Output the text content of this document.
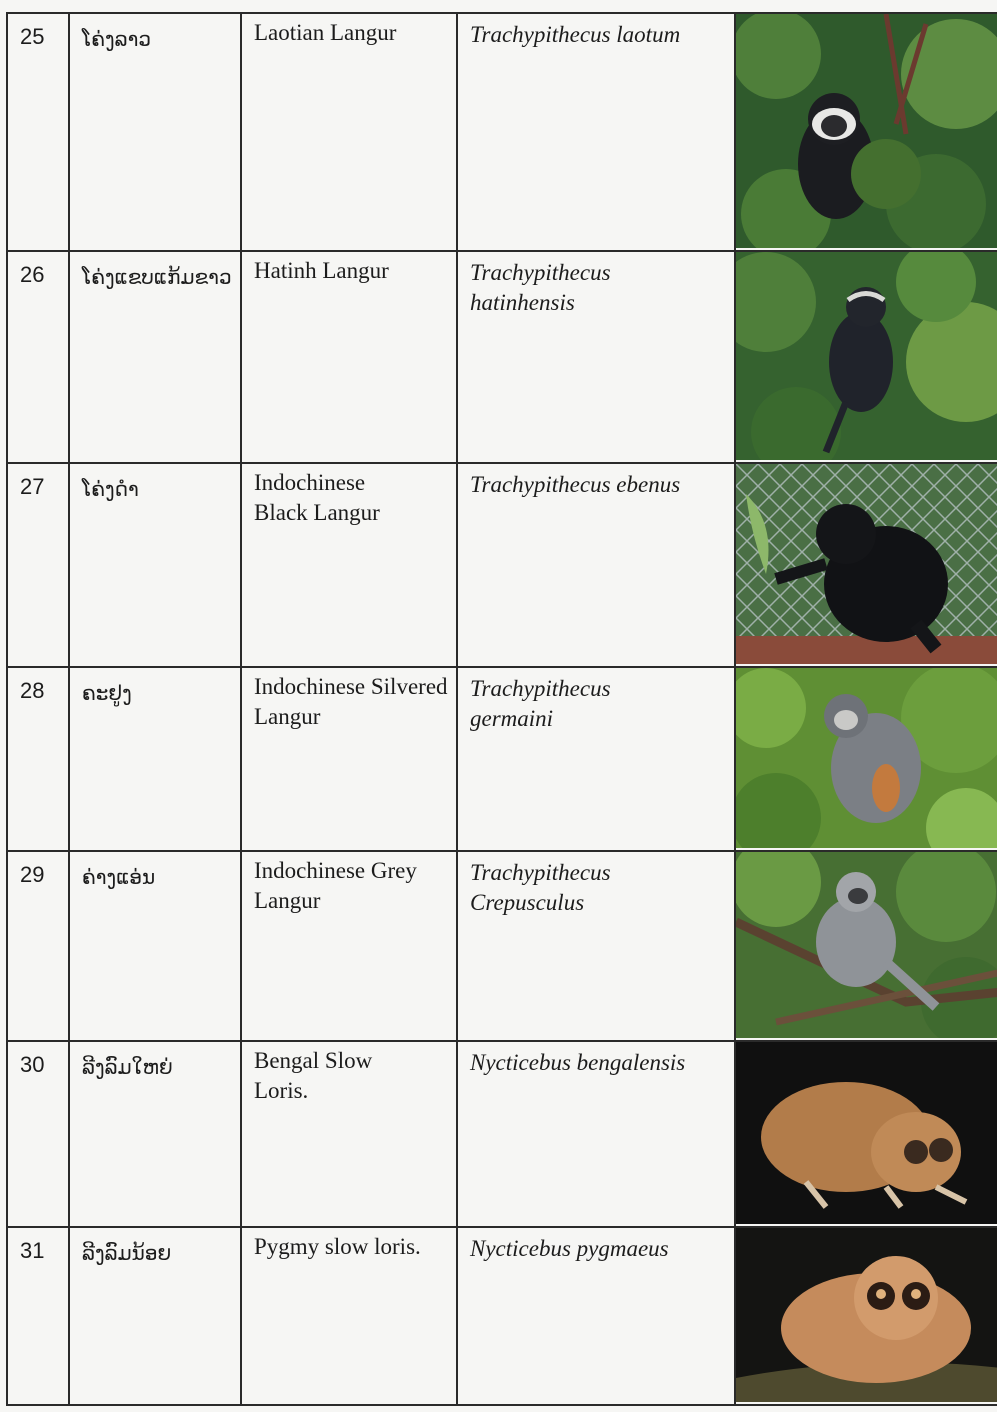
25	ໂຄ່ງລາວ	Laotian Langur	Trachypithecus laotum

26	ໂຄ່ງແຂບແກ້ມຂາວ	Hatinh Langur	Trachypithecus hatinhensis

27	ໂຄ່ງດຳ	Indochinese Black Langur	Trachypithecus ebenus

28	ຄະຢູງ	Indochinese Silvered Langur	Trachypithecus germaini

29	ຄ່າງແອ່ນ	Indochinese Grey Langur	Trachypithecus Crepusculus

30	ລີງລົມໃຫຍ່	Bengal Slow Loris.	Nycticebus bengalensis

31	ລີງລົມນ້ອຍ	Pygmy slow loris.	Nycticebus pygmaeus
